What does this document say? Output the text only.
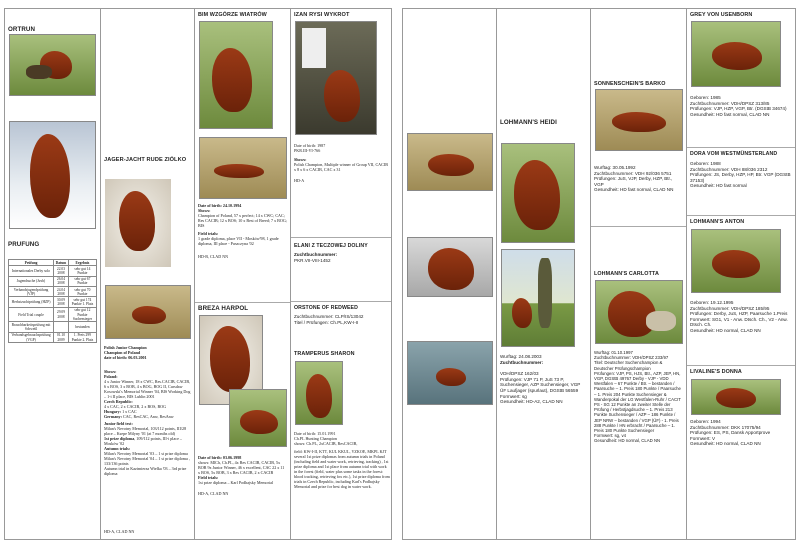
ORTRUN
PRUFUNG
Prüfung	Datum	Ergebnis
Internationales Derby solo	22.03 2008	sehr gut 14 Punkte
Jugendsuche (Juvh)	26.04 2008	sehr gut 67 Punkte
Verbandsjugendprüfung (VJP)	24.04 2008	sehr gut 70 Punkte
Herbstzuchtprüfung (HZP)	30.09 2008	sehr gut 174 Punkte 1. Platz
Field Trial couple	29.09 2008	sehr gut 12 Punkte Suchensieger
Brauchbarkeitsprüfung mit Schweiß		bestanden
Verbandsgebrauchsprüfung (VGP)	01.10 2009	1. Preis 299 Punkte 2. Platz
JAGER-JACHT RUDE ZIÓLKO
Polish Junior Champion
Champion of Poland
date of birth: 06.03.2001
Shows:
Poland:
4 x Junior Winner, 18 x CWC, Res.CACIB, CACIB, 6 x BOS, 3 x BOB, 4 x BOG, BOG II, Cursdaw Kosowski's Memorial Winner '04, BIS Working Dog – 1-i II place, BIS Lublin 2001
Czech Republic:
4 x CAC, 2 x CACIB, 2 x BOS, BOG
Hungary: 1 x CAC
Germany: CAC, ResCAC, Anw, ResAnw
Junior field test:
Milan's Nevotny Memorial, 103/112 points, III/28 place – Ksepe Milyny '01 (at 7 months old)
1st prize diploma, 109/112 points, III-i place – Mosków '02
Autumn trials:
Milan's Nevotny Memorial '03 – 1 st prize diploma
Milan's Nevotny Memorial '04 – 1 st prize diploma , 133/136 points
Autumn trial in Kazimierza Wielka '03 – 3rd prize diploma
HD-A, CLAD NN
BIM WZGÓRZE WIATRÓW
Date of birth: 24.10.1994
Shows:
Champion of Poland, 57 x perfect; 14 x CWC; CAC; Res CACIB; 12 x BOS; 10 x Best of Breed; 7 x BOG; BIS
Field trials:
1 grade diploma, place VII - Mosków'98, 1 grade diploma, III place - Puszczyna '02
HD-B, CLAD NN
BREZA HARPOL
Date of birth: 03.06.1998
shows: MlCh, Ch.PL, 4x Res CACIB, CACIB, 5x BOB 9x Junior Winner, 46 x excellent, CAC 22 x 11 x BOS, 5x BOB, 3 x Res CACIB, 2 x CACIB
Field trials:
1st prize diploma – Karl Podhajsky Memorial
HD-A, CLAD NN
IZAN RYSI WYKROT
Date of birth: 1987
PKR.III-VI-766
Shows:
Polish Champion, Multiple winner of Group VII, CACIB x 8 x 6 x CACIB, CAC x 31
HD-A
ELANI Z TECZOWEJ DOLINY
Zuchtbuchnummer:
PKR.VII-VIII-1452
ORSTONE OF REDWEED
Zuchtbuchnummer: CLP/IS/13042
Titel / Prüfungen: Ch.PL,KW-I-II
TRAMPERUS SHARON
Date of birth: 15.01.1991
Ch.PL Hunting Champion
shows: Ch.PL, 2xCACIB, ResCACIB,
field: KW-I-II, KTT, KUL KKUL, VZKOE, MKPL KJT several 1st prize diplomas from autumn trials in Poland (including field and water work, retrieving, tracking) , 1st prize diploma and 1st place from autumn trial with work in the forest (field, water plus some tasks in the forest: blood tracking, retrieving fox etc.), 1st prize diploma from trials in Czech Republic, including Karl's Podhajsky Memorial and prize for best dog in water work.
LOHMANN'S HEIDI
Wurftag: 24.08.2003
Zuchtbuchnummer:
VDH/DPSZ 162/03
Prüfungen: VJP 71 P, JuS 73 P, Suchensieger, AZP Suchensieger, VGP ÜF Laufjager (spurlaut), DGStB 56559
Formwert: sg
Gesundheit: HD-A2, CLAD NN
SONNENSCHEIN'S BARKO
Wurftag: 30.05.1992
Zuchtbuchnummer: VDH 92/036 5751
Prüfungen: JuS, VJP, Derby, HZP, Btr., VGP
Gesundheit: HD fast normal, CLAD NN
LOHMANN'S CARLOTTA
Wurftag: 01.10.1997
Zuchtbuchnummer: VDH/DPSZ 233/97
Titel: Deutscher Suchenchampion & Deutscher Prüfungschampion
Prüfungen: VJP, PS, HJS, Btr., AZP, JEP, HN, VGP, DGStB 49767 Derby - VJP - VDD Westfalen – 67 Punkte / Btr. – bestanden / Paarsuche – 1. Preis 180 Punkte / Paarsuche – 1. Preis 204 Punkte Suchensieger & Wanderpokal der LG Westfalen-Ruhr / CACIT PS - SG 12 Punkte an zweiter Stelle der Prüfung / Herbstjagdsuche – 1. Preis 213 Punkte Suchensieger / AZP – 186 Punkte / JEP NRW – bestanden / VGP (ÜF) - 1. Preis 288 Punkte / HN erbracht / Paarsuche – 1. Preis 180 Punkte Suchensieger
Formwert: sg, v4
Gesundheit: HD normal, CLAD NN
GREY VON USENBORN
Geboren: 1985
Zuchtbuchnummer: VDH/DPSZ 313/85
Prüfungen: VJP, HZP, VGP, Btr. (DGStB 34674)
Gesundheit: HD fast normal, CLAD NN
DORA VOM WESTMÜNSTERLAND
Geboren: 1988
Zuchtbuchnummer: VDH 88/036 2312
Prüfungen: JS, Derby, HZP, HP, Btr. VGP (DGStB 37153)
Gesundheit: HD fast normal
LOHMANN'S ANTON
Geboren: 19.12.1995
Zuchtbuchnummer: VDH/DPSZ 185/95
Prüfungen: Derby, JuS, HZP, Paarsuche 1.Preis
Formwert: SG1, V1 - Anw. Dtsch. Ch., V2 - Anw. Dtsch. Ch.
Gesundheit: HD normal, CLAD NN
LIVALINE'S DONNA
Geboren: 1994
Zuchtbuchnummer: DKK 17075/94
Prüfungen: ES, PS, Dansk Apportprove
Formwert: V
Gesundheit: HD normal, CLAD NN
